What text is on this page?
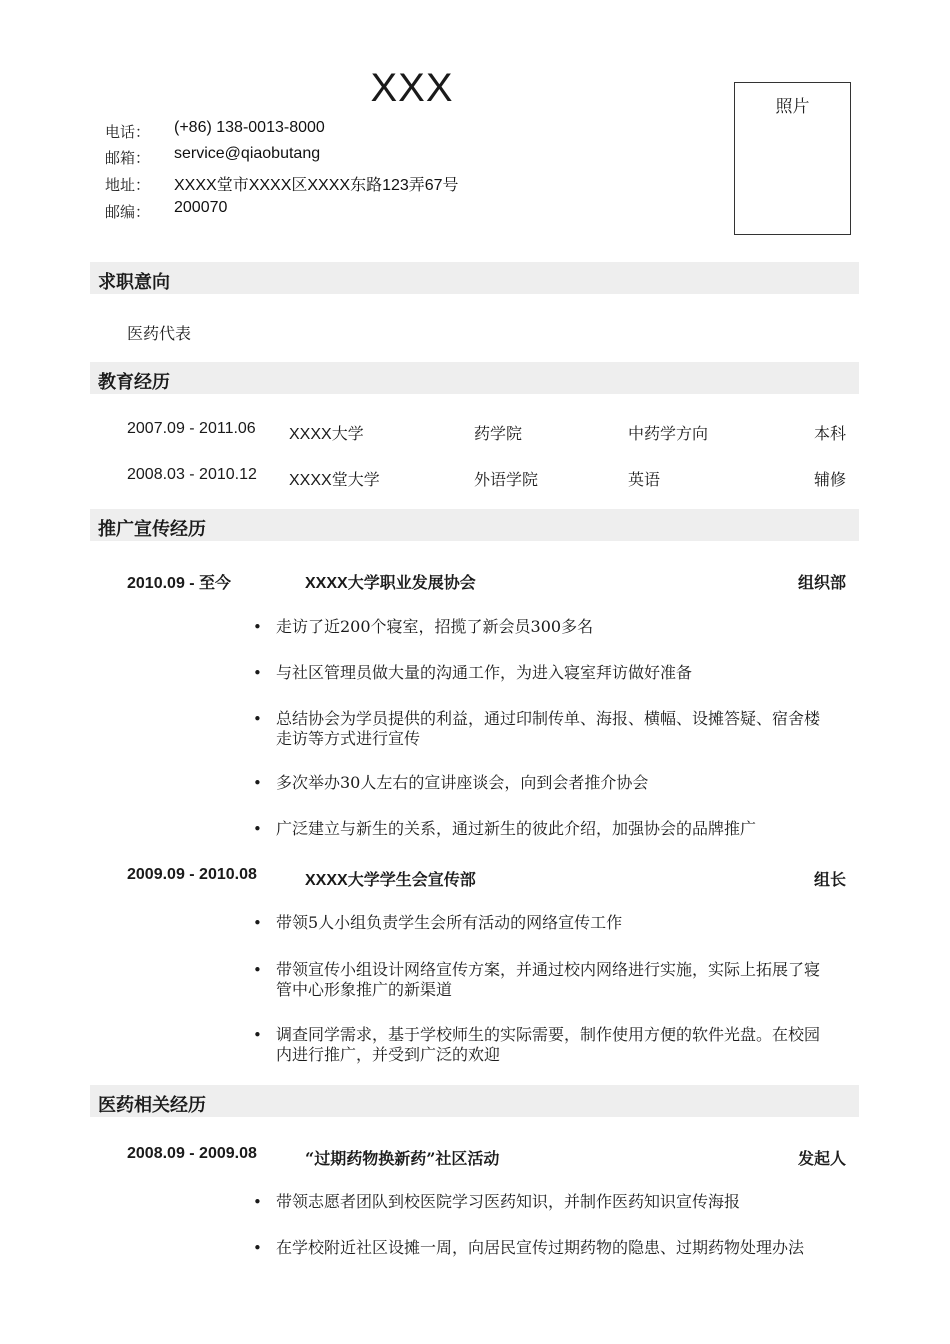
XXX	照片
电话： (+86) 138-0013-8000
邮箱： service@qiaobutang
地址： XXXX堂市XXXX区XXXX东路123弄67号
邮编： 200070
求职意向
医药代表
教育经历
2007.09 - 2011.06 XXXX大学	药学院	中药学方向	本科
2008.03 - 2010.12 XXXX堂大学	外语学院	英语	辅修
推广宣传经历
2010.09 - 至今	XXXX大学职业发展协会	组织部
• 走访了近200个寝室，招揽了新会员300多名
• 与社区管理员做大量的沟通工作，为进入寝室拜访做好准备
• 总结协会为学员提供的利益，通过印制传单、海报、横幅、设摊答疑、宿舍楼
走访等方式进行宣传
• 多次举办30人左右的宣讲座谈会，向到会者推介协会
• 广泛建立与新生的关系，通过新生的彼此介绍，加强协会的品牌推广
2009.09 - 2010.08	XXXX大学学生会宣传部	组长
• 带领5人小组负责学生会所有活动的网络宣传工作
• 带领宣传小组设计网络宣传方案，并通过校内网络进行实施，实际上拓展了寝
管中心形象推广的新渠道
• 调查同学需求，基于学校师生的实际需要，制作使用方便的软件光盘。在校园
内进行推广，并受到广泛的欢迎
医药相关经历
2008.09 - 2009.08	“过期药物换新药”社区活动	发起人
• 带领志愿者团队到校医院学习医药知识，并制作医药知识宣传海报
• 在学校附近社区设摊一周，向居民宣传过期药物的隐患、过期药物处理办法
